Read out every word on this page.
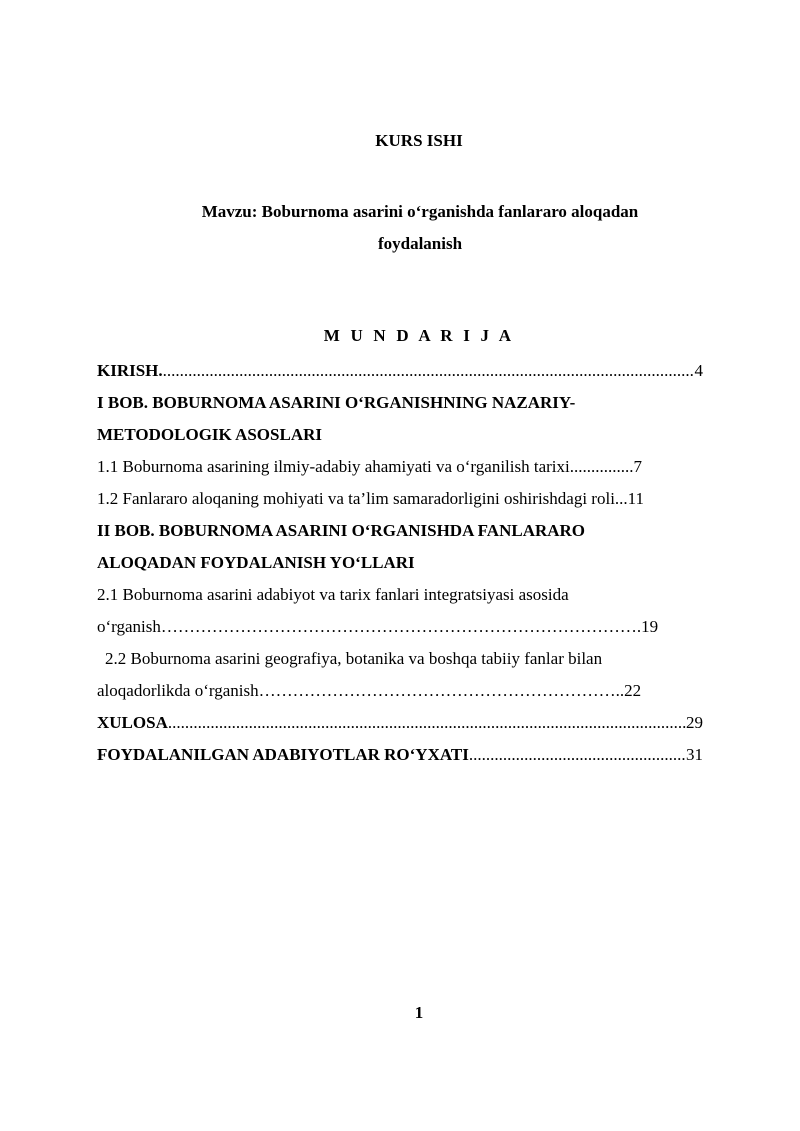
KURS ISHI
Mavzu: Boburnoma asarini o‘rganishda fanlararo aloqadan
foydalanish
M U N D A R I J A
KIRISH. .....	4
I BOB. BOBURNOMA ASARINI O‘RGANISHNING NAZARIY-
METODOLOGIK ASOSLARI
1.1 Boburnoma asarining ilmiy-adabiy ahamiyati va o‘rganilish tarixi ............... 7
1.2 Fanlararo aloqaning mohiyati va ta’lim samaradorligini oshirishdagi roli ... 11
II BOB. BOBURNOMA ASARINI O‘RGANISHDA FANLARARO
ALOQADAN FOYDALANISH YO‘LLARI
2.1 Boburnoma asarini adabiyot va tarix fanlari integratsiyasi asosida
o‘rganish………………………………………………………………………….19
2.2 Boburnoma asarini geografiya, botanika va boshqa tabiiy fanlar bilan
aloqadorlikda o‘rganish………………………………………………………..22
XULOSA .....	29
FOYDALANILGAN ADABIYOTLAR RO‘YXATI .....	31
1
